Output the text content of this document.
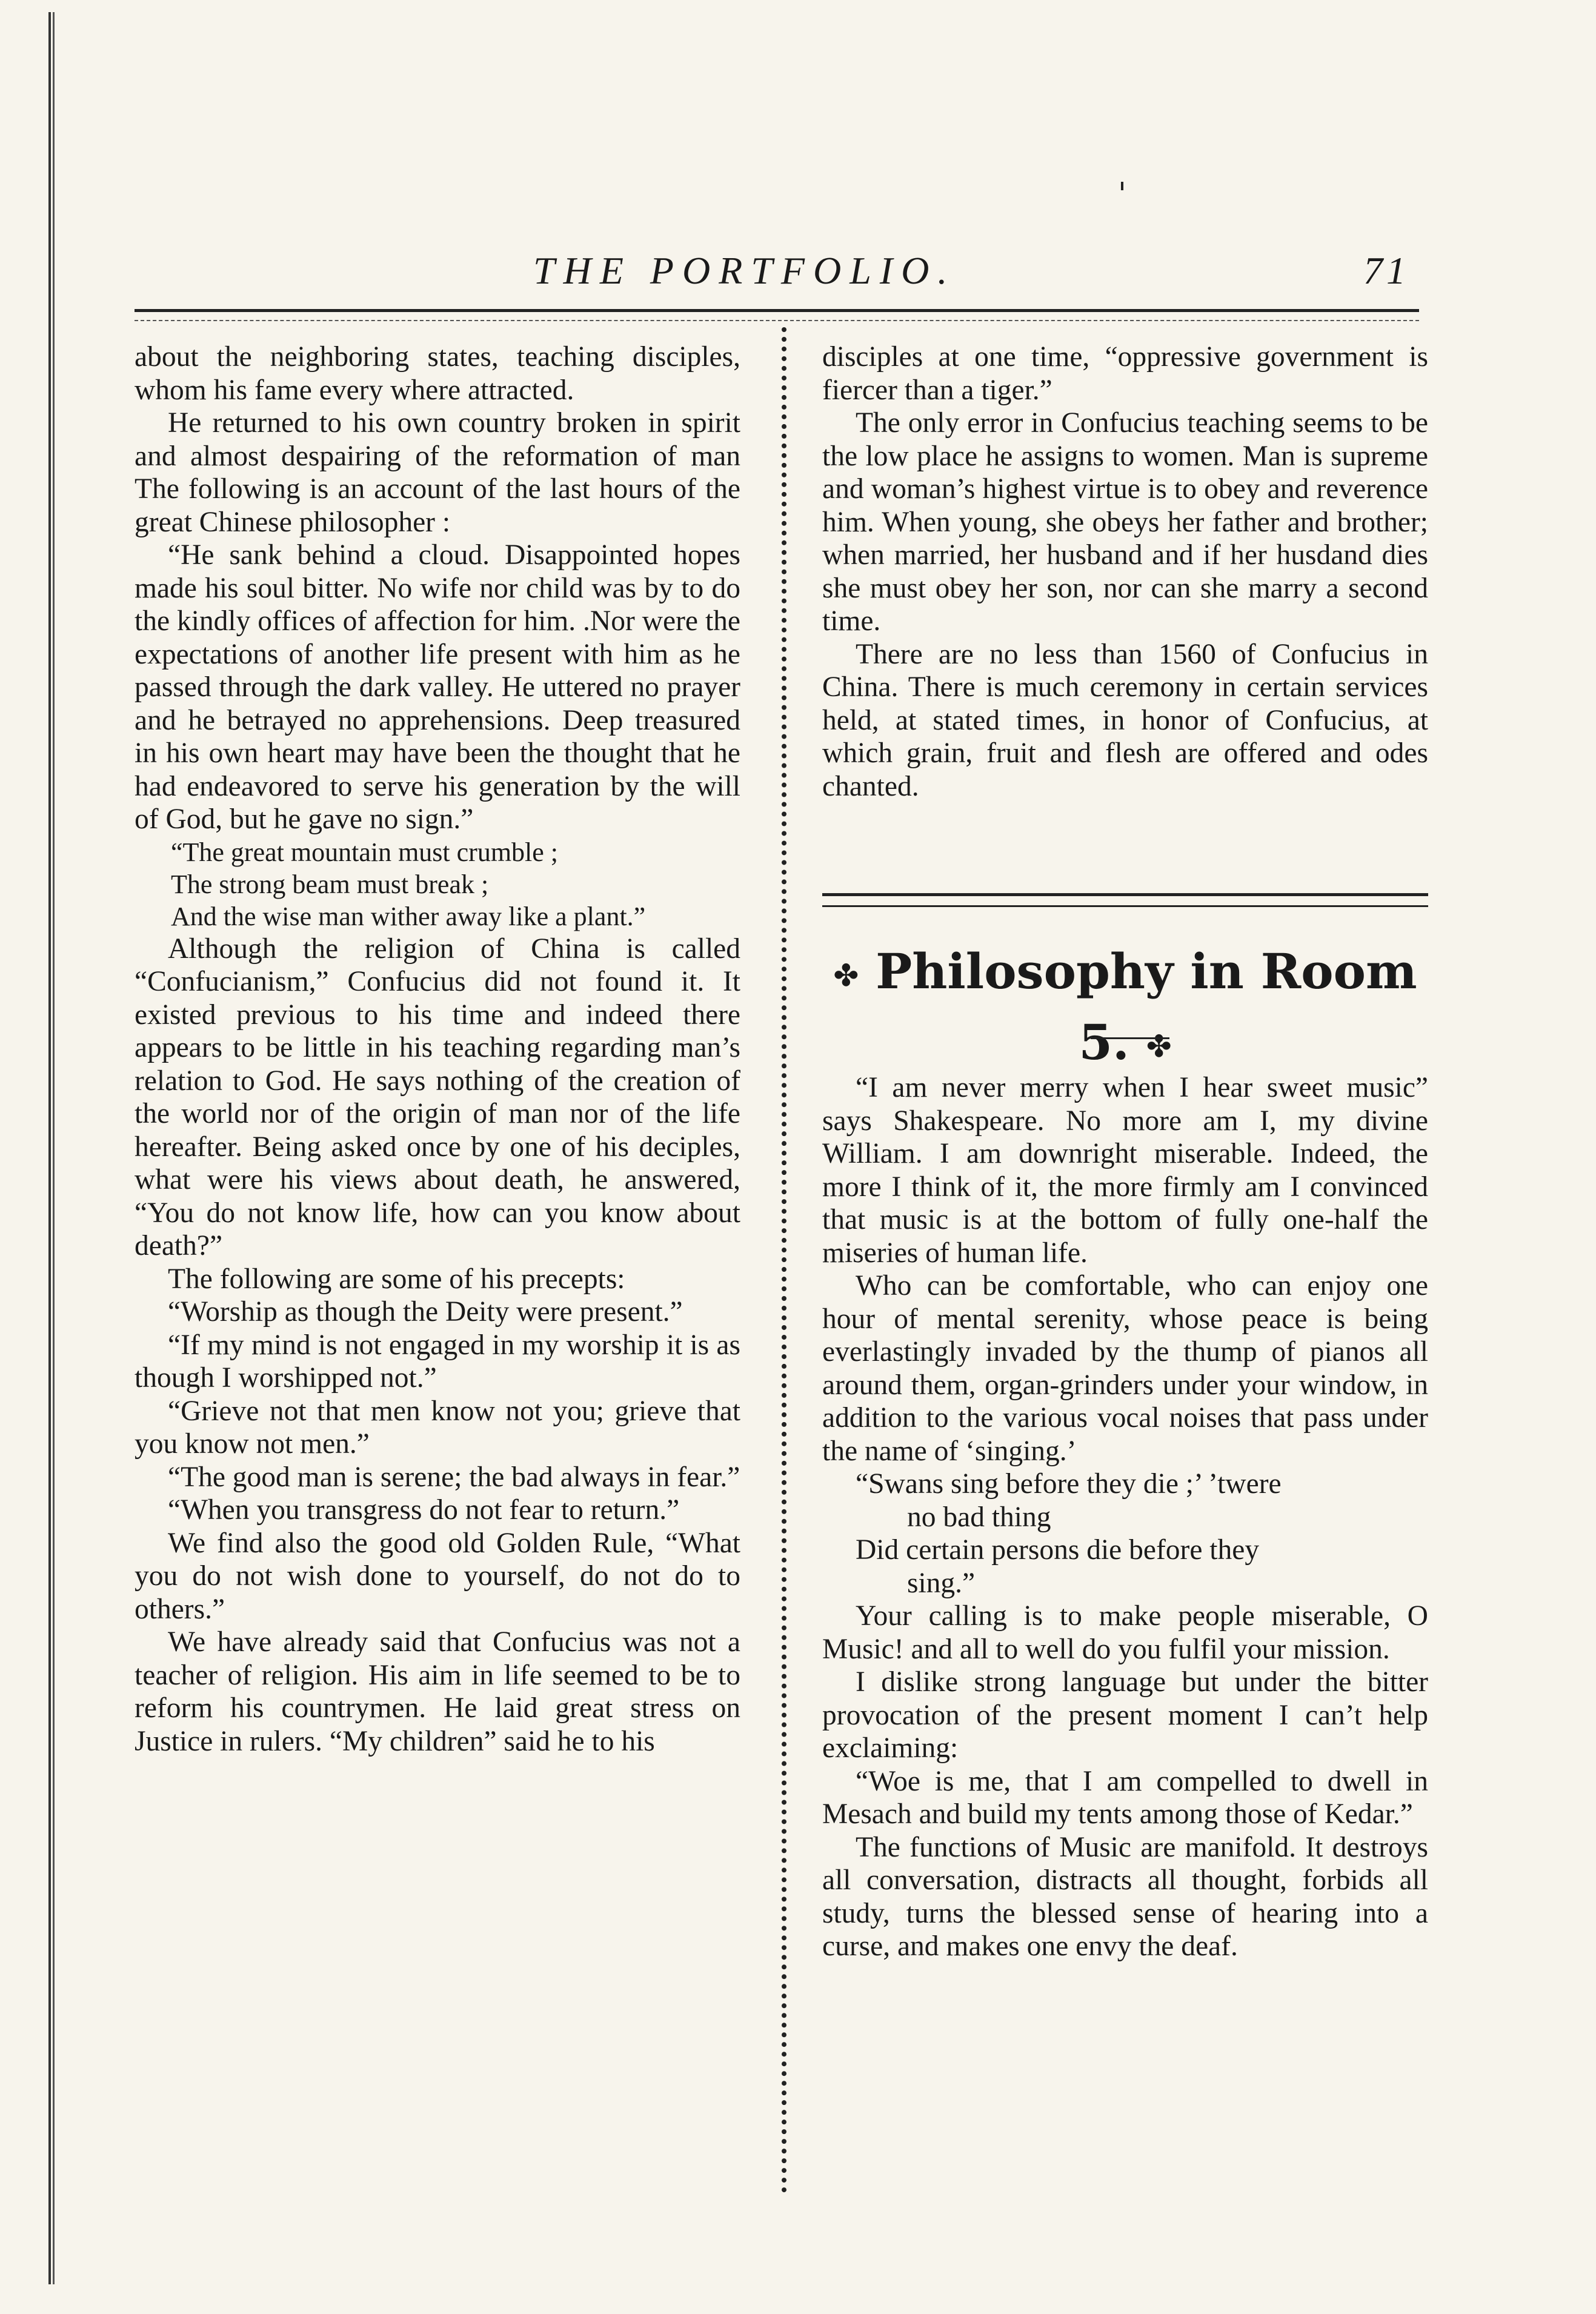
THE PORTFOLIO.	71

about the neighboring states, teaching disciples, whom his fame every where attracted.

He returned to his own country broken in spirit and almost despairing of the reformation of man The following is an account of the last hours of the great Chinese philosopher :

“He sank behind a cloud. Disappointed hopes made his soul bitter. No wife nor child was by to do the kindly offices of affection for him. .Nor were the expectations of another life present with him as he passed through the dark valley. He uttered no prayer and he betrayed no apprehensions. Deep treasured in his own heart may have been the thought that he had endeavored to serve his generation by the will of God, but he gave no sign.”

“The great mountain must crumble ;
The strong beam must break ;
And the wise man wither away like a plant.”

Although the religion of China is called “Confucianism,” Confucius did not found it. It existed previous to his time and indeed there appears to be little in his teaching regarding man’s relation to God. He says nothing of the creation of the world nor of the origin of man nor of the life hereafter. Being asked once by one of his deciples, what were his views about death, he answered, “You do not know life, how can you know about death?”

The following are some of his precepts:

“Worship as though the Deity were present.”

“If my mind is not engaged in my worship it is as though I worshipped not.”

“Grieve not that men know not you; grieve that you know not men.”

“The good man is serene; the bad always in fear.”

“When you transgress do not fear to return.”

We find also the good old Golden Rule, “What you do not wish done to yourself, do not do to others.”

We have already said that Confucius was not a teacher of religion. His aim in life seemed to be to reform his countrymen. He laid great stress on Justice in rulers. “My children” said he to his

disciples at one time, “oppressive government is fiercer than a tiger.”

The only error in Confucius teaching seems to be the low place he assigns to women. Man is supreme and woman’s highest virtue is to obey and reverence him. When young, she obeys her father and brother; when married, her husband and if her husdand dies she must obey her son, nor can she marry a second time.

There are no less than 1560 of Confucius in China. There is much ceremony in certain services held, at stated times, in honor of Confucius, at which grain, fruit and flesh are offered and odes chanted.

✤ Philosophy in Room 5. ✤

“I am never merry when I hear sweet music” says Shakespeare. No more am I, my divine William. I am downright miserable. Indeed, the more I think of it, the more firmly am I convinced that music is at the bottom of fully one-half the miseries of human life.

Who can be comfortable, who can enjoy one hour of mental serenity, whose peace is being everlastingly invaded by the thump of pianos all around them, organ-grinders under your window, in addition to the various vocal noises that pass under the name of ‘singing.’

“Swans sing before they die ;’ ’twere
no bad thing
Did certain persons die before they
sing.”

Your calling is to make people miserable, O Music! and all to well do you fulfil your mission.

I dislike strong language but under the bitter provocation of the present moment I can’t help exclaiming:

“Woe is me, that I am compelled to dwell in Mesach and build my tents among those of Kedar.”

The functions of Music are manifold. It destroys all conversation, distracts all thought, forbids all study, turns the blessed sense of hearing into a curse, and makes one envy the deaf.
